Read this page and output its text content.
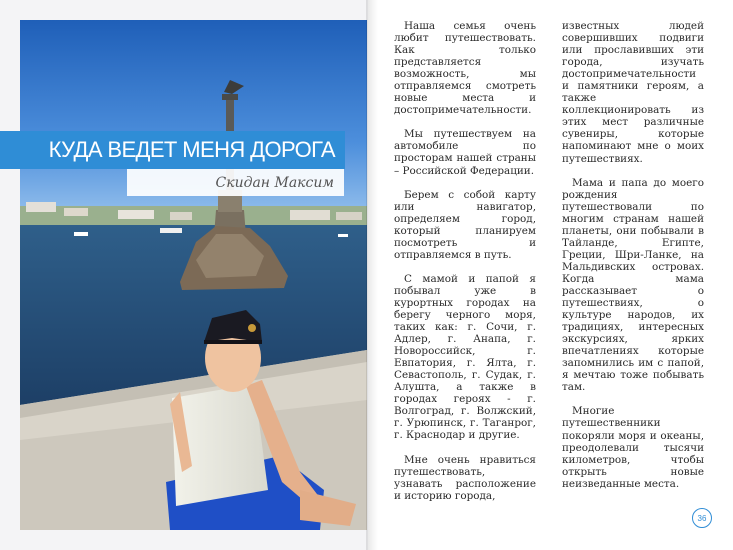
КУДА ВЕДЕТ МЕНЯ ДОРОГА
Скидан Максим

Наша семья очень любит путешествовать. Как только представляется возможность, мы отправляемся смотреть новые места и достопримечательности.

Мы путешествуем на автомобиле по просторам нашей страны – Российской Федерации.

Берем с собой карту или навигатор, определяем город, который планируем посмотреть и отправляемся в путь.

С мамой и папой я побывал уже в курортных городах на берегу черного моря, таких как: г. Сочи, г. Адлер, г. Анапа, г. Новороссийск, г. Евпатория, г. Ялта, г. Севастополь, г. Судак, г. Алушта, а также в городах героях - г. Волгоград, г. Волжский, г. Урюпинск, г. Таганрог, г. Краснодар и другие.

Мне очень нравиться путешествовать, узнавать расположение и историю города,

известных людей совершивших подвиги или прославивших эти города, изучать достопримечательности и памятники героям, а также коллекционировать из этих мест различные сувениры, которые напоминают мне о моих путешествиях.

Мама и папа до моего рождения путешествовали по многим странам нашей планеты, они побывали в Тайланде, Египте, Греции, Шри-Ланке, на Мальдивских островах. Когда мама рассказывает о путешествиях, о культуре народов, их традициях, интересных экскурсиях, ярких впечатлениях которые запомнились им с папой, я мечтаю тоже побывать там.

Многие путешественники покоряли моря и океаны, преодолевали тысячи километров, чтобы открыть новые неизведанные места.

36
